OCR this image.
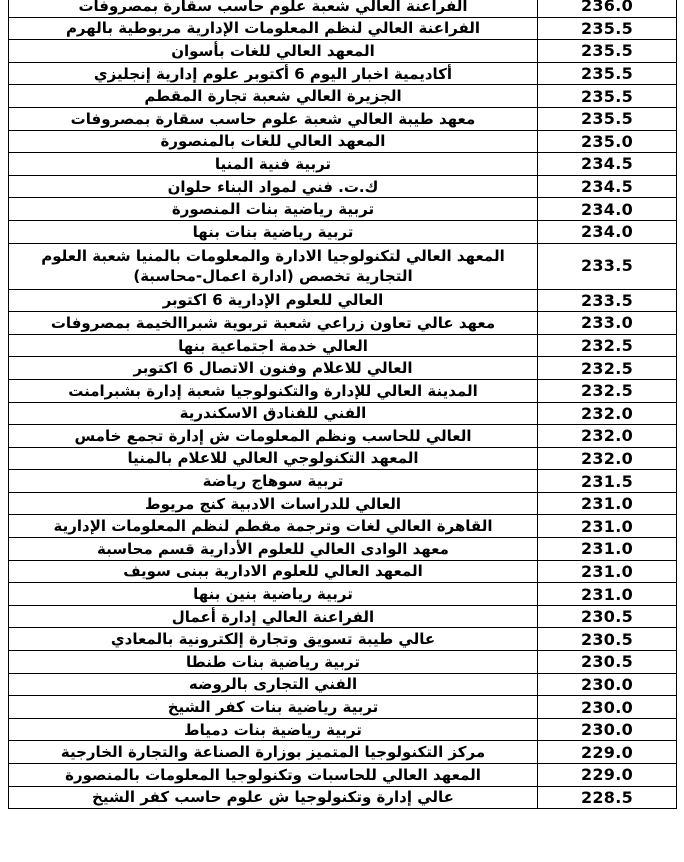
الفراعنة العالي شعبة علوم حاسب سقارة بمصروفات	236.0
الفراعنة العالي لنظم المعلومات الإدارية مربوطية بالهرم	235.5
المعهد العالي للغات بأسوان	235.5
أكاديمية اخبار اليوم 6 أكتوبر علوم إدارية إنجليزي	235.5
الجزيرة العالي شعبة تجارة المقطم	235.5
معهد طيبة العالي شعبة علوم حاسب سقارة بمصروفات	235.5
المعهد العالي للغات بالمنصورة	235.0
تربية فنية المنيا	234.5
ك.ت. فني لمواد البناء حلوان	234.5
تربية رياضية بنات المنصورة	234.0
تربية رياضية بنات بنها	234.0
المعهد العالي لتكنولوجيا الادارة والمعلومات بالمنيا شعبة العلوم التجارية تخصص (ادارة اعمال-محاسبة)	233.5
العالي للعلوم الإدارية 6 اكتوبر	233.5
معهد عالي تعاون زراعي شعبة تربوية شبراالخيمة بمصروفات	233.0
العالي خدمة اجتماعية بنها	232.5
العالي للاعلام وفنون الاتصال 6 اكتوبر	232.5
المدينة العالي للإدارة والتكنولوجيا شعبة إدارة بشبرامنت	232.5
الفني للفنادق الاسكندرية	232.0
العالي للحاسب ونظم المعلومات ش إدارة تجمع خامس	232.0
المعهد التكنولوجي العالي للاعلام بالمنيا	232.0
تربية سوهاج رياضة	231.5
العالي للدراسات الادبية كنج مريوط	231.0
القاهرة العالي لغات وترجمة مقطم لنظم المعلومات الإدارية	231.0
معهد الوادى العالي للعلوم الأدارية قسم محاسبة	231.0
المعهد العالي للعلوم الادارية ببنى سويف	231.0
تربية رياضية بنين بنها	231.0
الفراعنة العالي إدارة أعمال	230.5
عالي طيبة تسويق وتجارة إلكترونية بالمعادي	230.5
تربية رياضية بنات طنطا	230.5
الفني التجارى بالروضه	230.0
تربية رياضية بنات كفر الشيخ	230.0
تربية رياضية بنات دمياط	230.0
مركز التكنولوجيا المتميز بوزارة الصناعة والتجارة الخارجية	229.0
المعهد العالي للحاسبات وتكنولوجيا المعلومات بالمنصورة	229.0
عالي إدارة وتكنولوجيا ش علوم حاسب كفر الشيخ	228.5
